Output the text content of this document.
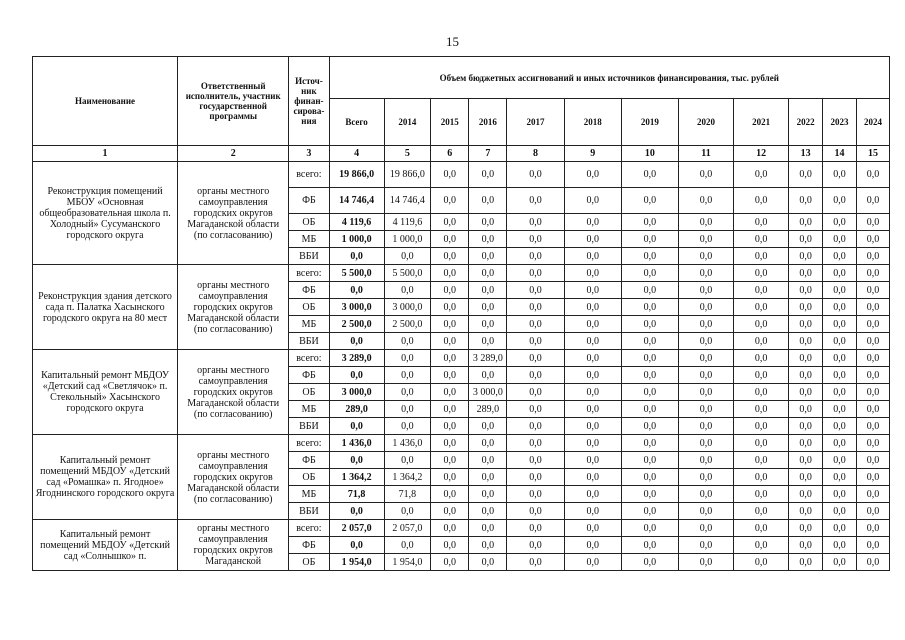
15
Наименование	Ответственный исполнитель, участник государственной программы	Источ-ник финан-сирова-ния	Объем бюджетных ассигнований и иных источников финансирования, тыс. рублей											
			Всего	2014	2015	2016	2017	2018	2019	2020	2021	2022	2023	2024
1	2	3	4	5	6	7	8	9	10	11	12	13	14	15
Реконструкция помещений МБОУ «Основная общеобразовательная школа п. Холодный» Сусуманского городского округа	органы местного самоуправления городских округов Магаданской области (по согласованию)	всего:	19 866,0	19 866,0	0,0	0,0	0,0	0,0	0,0	0,0	0,0	0,0	0,0	0,0
		ФБ	14 746,4	14 746,4	0,0	0,0	0,0	0,0	0,0	0,0	0,0	0,0	0,0	0,0
		ОБ	4 119,6	4 119,6	0,0	0,0	0,0	0,0	0,0	0,0	0,0	0,0	0,0	0,0
		МБ	1 000,0	1 000,0	0,0	0,0	0,0	0,0	0,0	0,0	0,0	0,0	0,0	0,0
		ВБИ	0,0	0,0	0,0	0,0	0,0	0,0	0,0	0,0	0,0	0,0	0,0	0,0
Реконструкция здания детского сада п. Палатка Хасынского городского округа на 80 мест	органы местного самоуправления городских округов Магаданской области (по согласованию)	всего:	5 500,0	5 500,0	0,0	0,0	0,0	0,0	0,0	0,0	0,0	0,0	0,0	0,0
		ФБ	0,0	0,0	0,0	0,0	0,0	0,0	0,0	0,0	0,0	0,0	0,0	0,0
		ОБ	3 000,0	3 000,0	0,0	0,0	0,0	0,0	0,0	0,0	0,0	0,0	0,0	0,0
		МБ	2 500,0	2 500,0	0,0	0,0	0,0	0,0	0,0	0,0	0,0	0,0	0,0	0,0
		ВБИ	0,0	0,0	0,0	0,0	0,0	0,0	0,0	0,0	0,0	0,0	0,0	0,0
Капитальный ремонт МБДОУ «Детский сад «Светлячок» п. Стекольный» Хасынского городского округа	органы местного самоуправления городских округов Магаданской области (по согласованию)	всего:	3 289,0	0,0	0,0	3 289,0	0,0	0,0	0,0	0,0	0,0	0,0	0,0	0,0
		ФБ	0,0	0,0	0,0	0,0	0,0	0,0	0,0	0,0	0,0	0,0	0,0	0,0
		ОБ	3 000,0	0,0	0,0	3 000,0	0,0	0,0	0,0	0,0	0,0	0,0	0,0	0,0
		МБ	289,0	0,0	0,0	289,0	0,0	0,0	0,0	0,0	0,0	0,0	0,0	0,0
		ВБИ	0,0	0,0	0,0	0,0	0,0	0,0	0,0	0,0	0,0	0,0	0,0	0,0
Капитальный ремонт помещений МБДОУ «Детский сад «Ромашка» п. Ягодное» Ягоднинского городского округа	органы местного самоуправления городских округов Магаданской области (по согласованию)	всего:	1 436,0	1 436,0	0,0	0,0	0,0	0,0	0,0	0,0	0,0	0,0	0,0	0,0
		ФБ	0,0	0,0	0,0	0,0	0,0	0,0	0,0	0,0	0,0	0,0	0,0	0,0
		ОБ	1 364,2	1 364,2	0,0	0,0	0,0	0,0	0,0	0,0	0,0	0,0	0,0	0,0
		МБ	71,8	71,8	0,0	0,0	0,0	0,0	0,0	0,0	0,0	0,0	0,0	0,0
		ВБИ	0,0	0,0	0,0	0,0	0,0	0,0	0,0	0,0	0,0	0,0	0,0	0,0
Капитальный ремонт помещений МБДОУ «Детский сад «Солнышко» п.	органы местного самоуправления городских округов Магаданской	всего:	2 057,0	2 057,0	0,0	0,0	0,0	0,0	0,0	0,0	0,0	0,0	0,0	0,0
		ФБ	0,0	0,0	0,0	0,0	0,0	0,0	0,0	0,0	0,0	0,0	0,0	0,0
		ОБ	1 954,0	1 954,0	0,0	0,0	0,0	0,0	0,0	0,0	0,0	0,0	0,0	0,0
